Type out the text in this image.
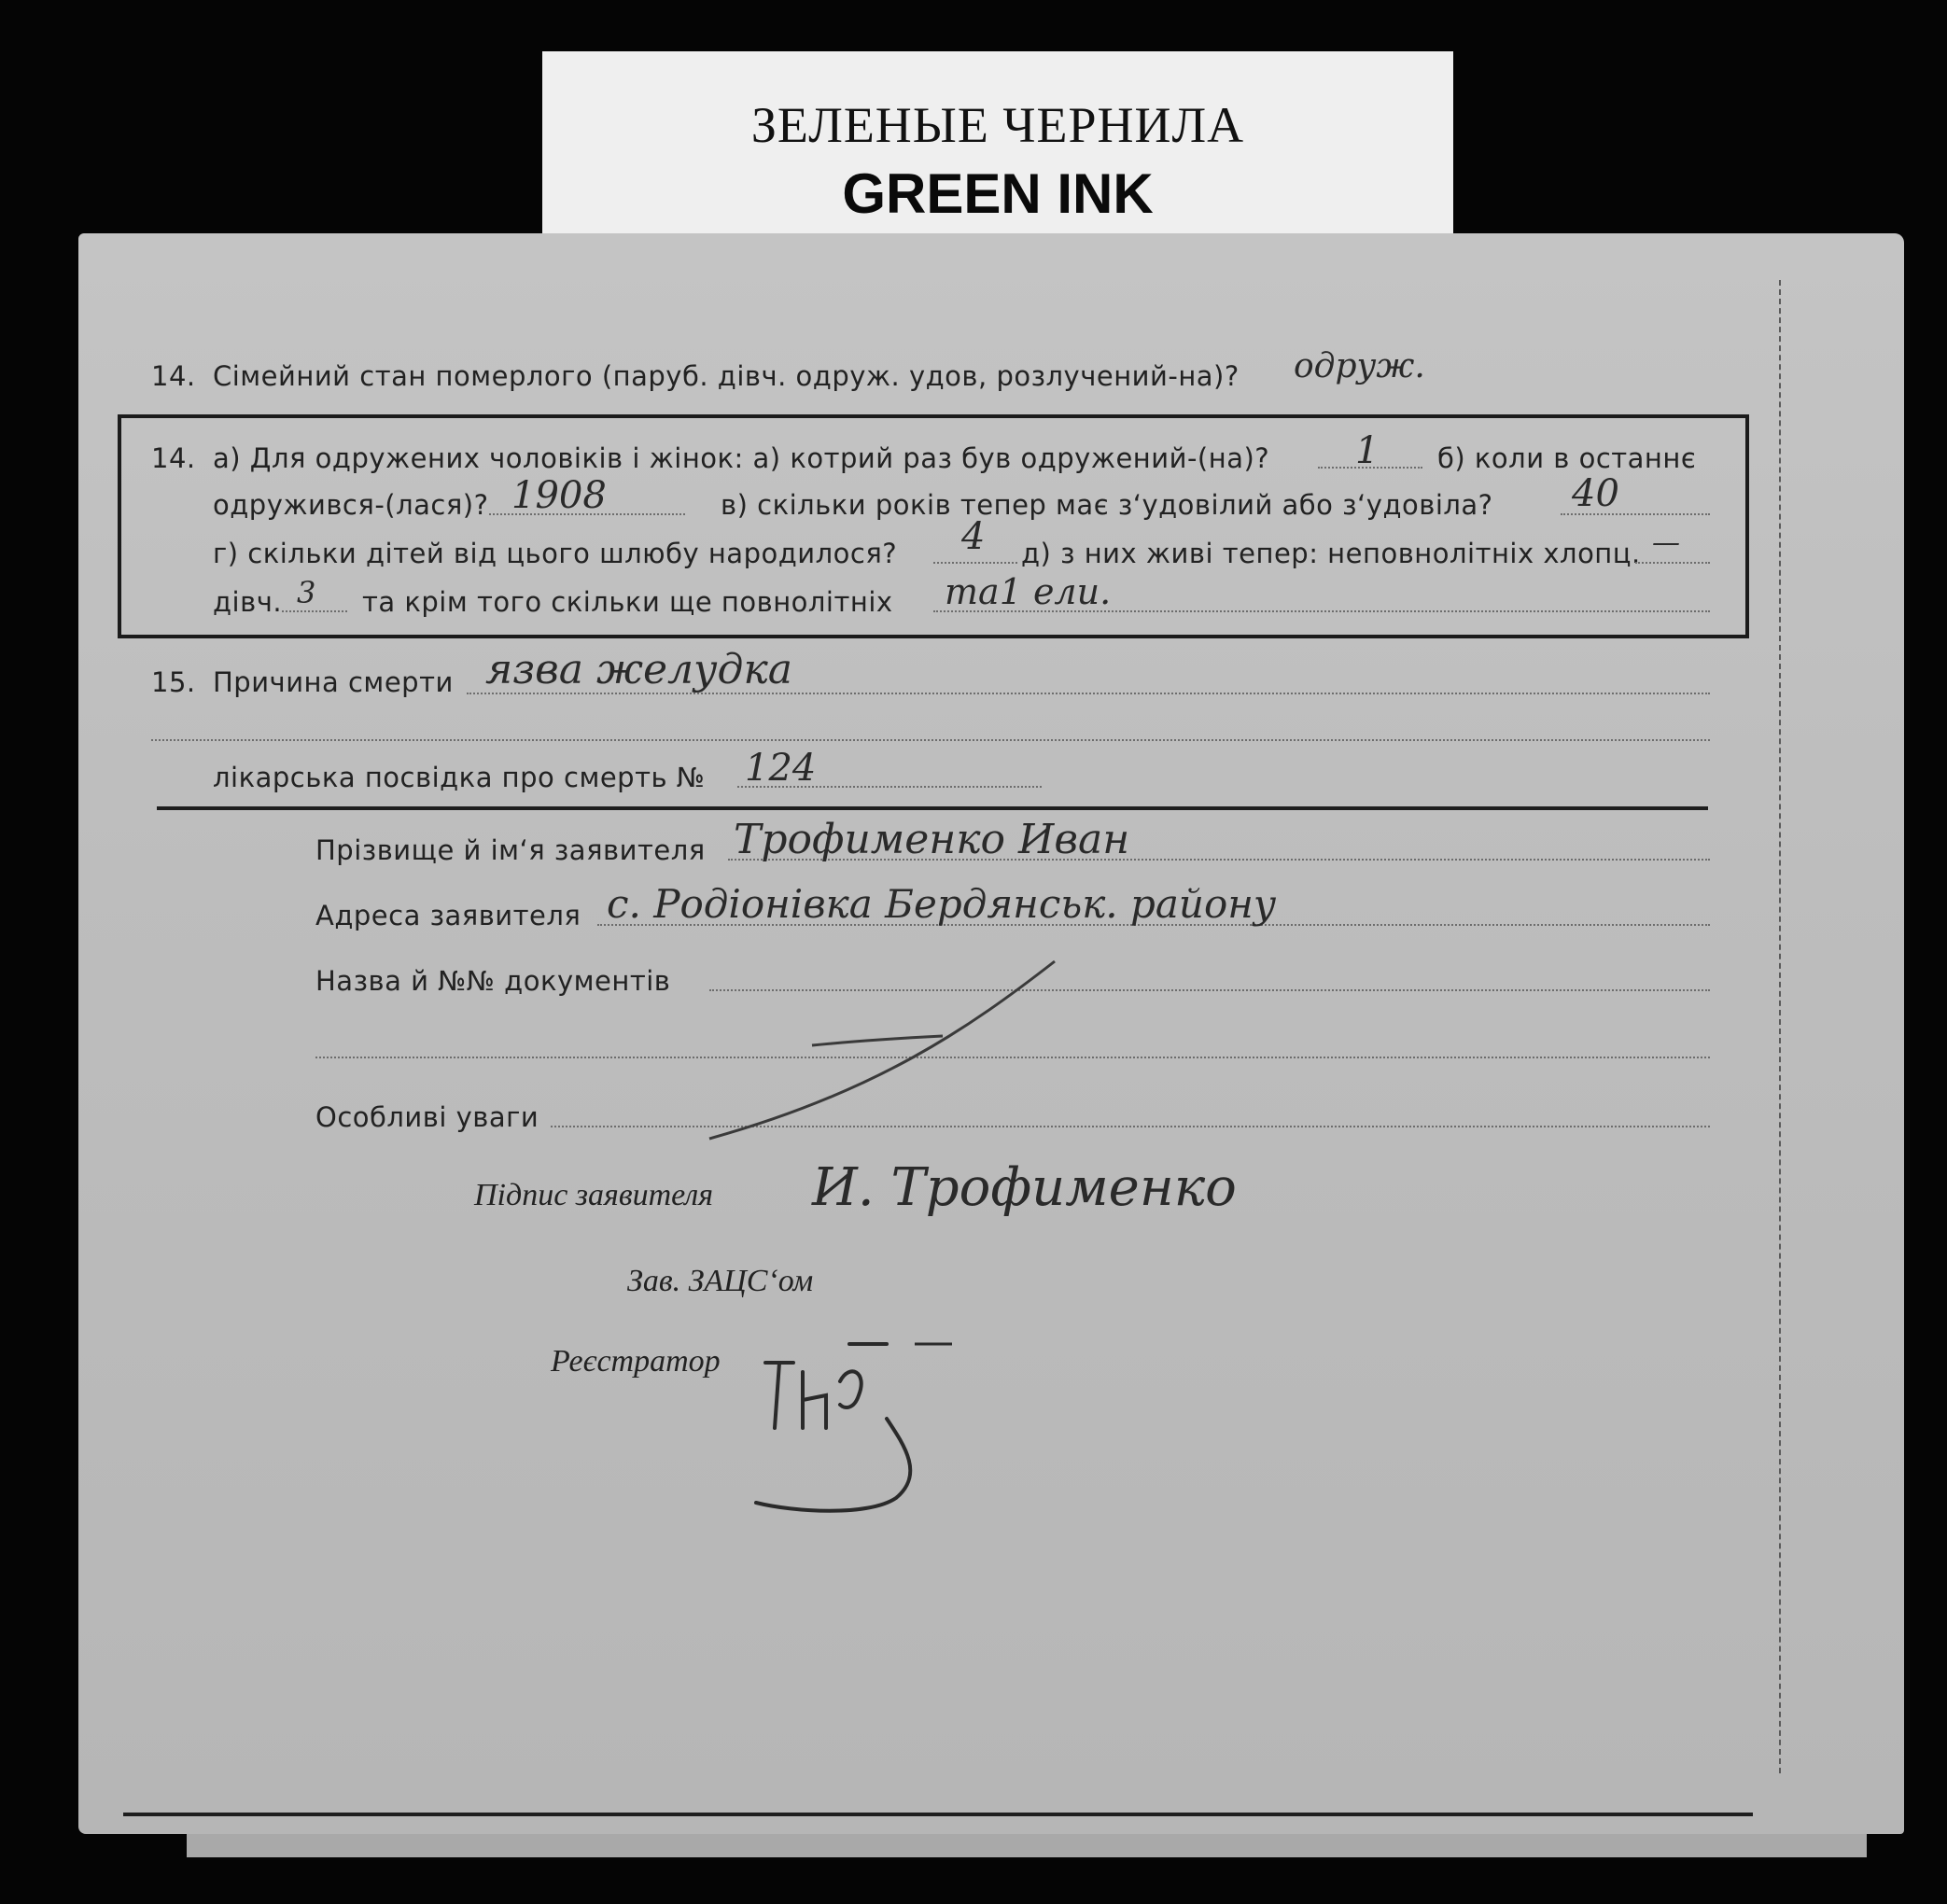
ЗЕЛЕНЫЕ ЧЕРНИЛА
GREEN INK
14. Сімейний стан померлого (паруб. дівч. одруж. удов, розлучений-на)? одруж.
14. а) Для одружених чоловіків і жінок: а) котрий раз був одружений-(на)? 1 б) коли в останнє
одружився-(лася)? 1908	в) скільки років тепер має з‘удовілий або з‘удовіла? 40
г) скільки дітей від цього шлюбу народилося? 4 д) з них живі тепер: неповнолітніх хлопц. —
дівч. 3 та крім того скільки ще повнолітніх та1 ели.
15. Причина смерти язва желудка
лікарська посвідка про смерть № 124
Прізвище й ім‘я заявителя Трофименко Иван
Адреса заявителя с. Родіонівка Бердянськ. району
Назва й №№ документів
Особливі уваги
Підпис заявителя И. Трофименко
Зав. ЗАЦС‘ом
Реєстратор
